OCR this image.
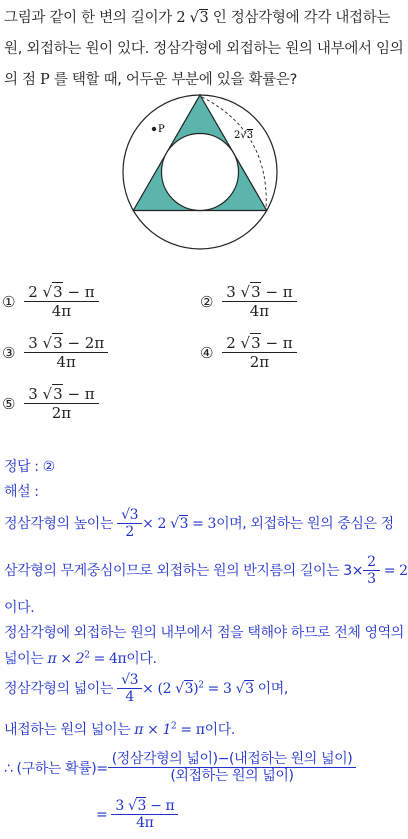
그림과 같이 한 변의 길이가 2 √3 인 정삼각형에 각각 내접하는
원, 외접하는 원이 있다. 정삼각형에 외접하는 원의 내부에서 임의
의 점 P 를 택할 때, 어두운 부분에 있을 확률은?
P
2√3
① $\frac{2 √3 - \pi}{4\pi}$	② $\frac{3 √3 - \pi}{4\pi}$
③ $\frac{3 √3 - 2\pi}{4\pi}$	④ $\frac{2 √3 - \pi}{2\pi}$
⑤ $\frac{3 √3 - \pi}{2\pi}$
정답 : ②
해설 :
정삼각형의 높이는 $\frac{√3}{2} \times 2$ √3 = 3이며, 외접하는 원의 중심은 정
삼각형의 무게중심이므로 외접하는 원의 반지름의 길이는 $3\times \frac{2}{3} = 2$
이다.
정삼각형에 외접하는 원의 내부에서 점을 택해야 하므로 전체 영역의
넓이는 $\pi \times 2^2 = 4\pi$이다.
정삼각형의 넓이는 $\frac{√3}{4} \times (2$ √3)$^2$ = 3 √3 이며,
내접하는 원의 넓이는 $\pi \times 1^2 = \pi$이다.
∴ (구하는 확률)= $\frac{\text{(정삼각형의 넓이)−(내접하는 원의 넓이)}}{\text{(외접하는 원의 넓이)}}$
= $\frac{3 √3 - \pi}{4\pi}$
